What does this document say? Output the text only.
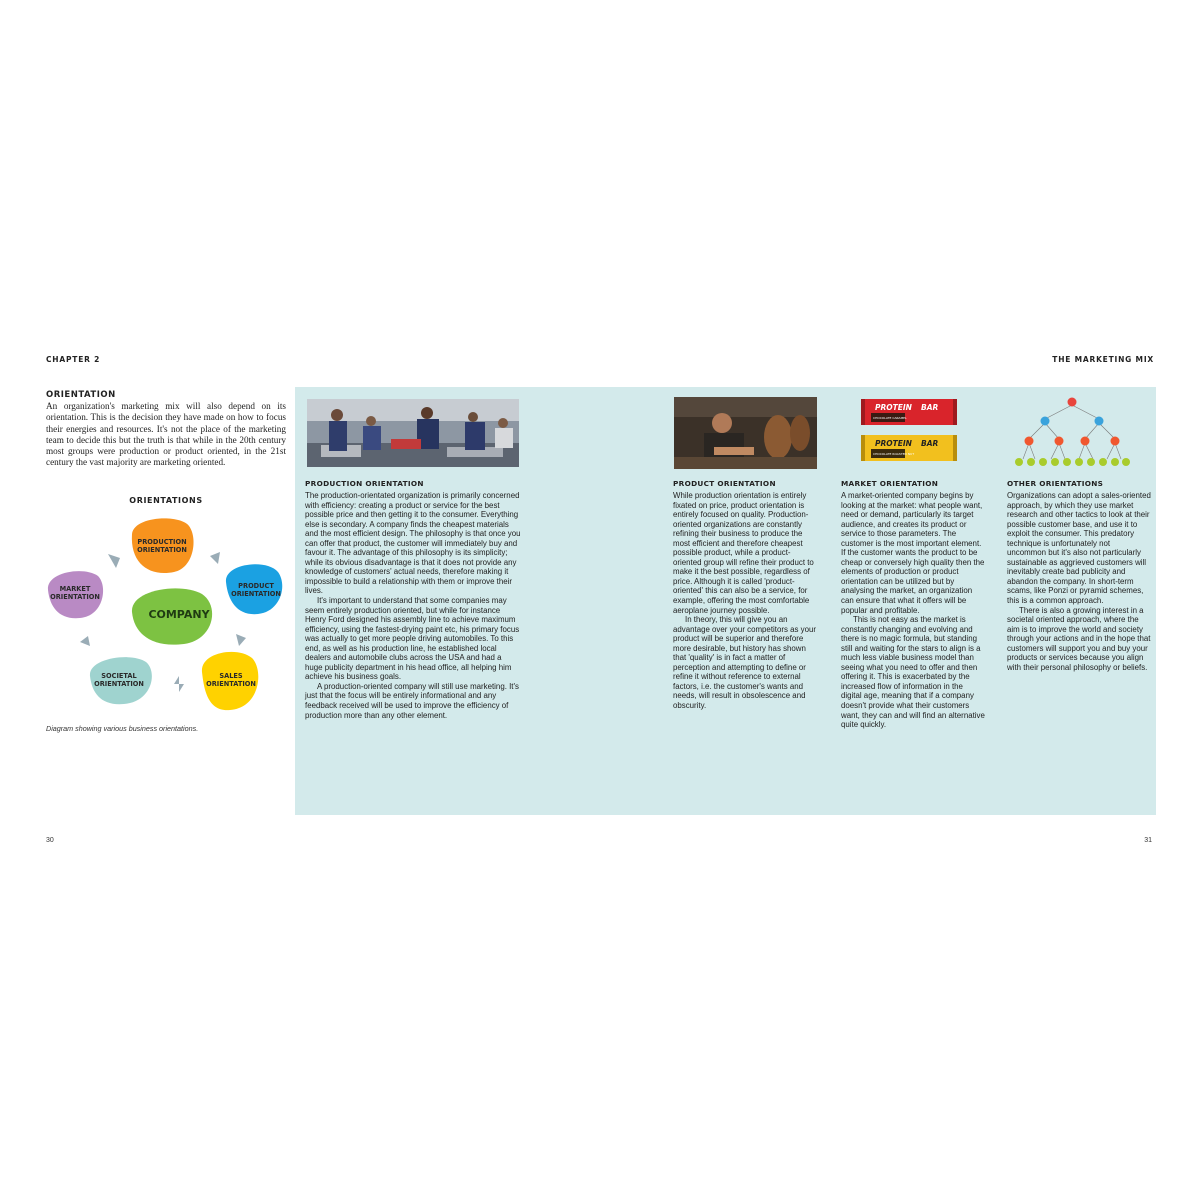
CHAPTER 2	THE MARKETING MIX
ORIENTATION
An organization's marketing mix will also depend on its orientation. This is the decision they have made on how to focus their energies and resources. It's not the place of the marketing team to decide this but the truth is that while in the 20th century most groups were production or product oriented, in the 21st century the vast majority are marketing oriented.
ORIENTATIONS
PRODUCTION ORIENTATION
PRODUCT ORIENTATION
SALES ORIENTATION
SOCIETAL ORIENTATION
MARKET ORIENTATION
COMPANY
Diagram showing various business orientations.
PROTEIN BAR
CHOCOLATE CARAMEL
PROTEIN BAR
CHOCOLATE ROASTED NUT
PRODUCTION ORIENTATION

The production-orientated organization is primarily concerned with efficiency: creating a product or service for the best possible price and then getting it to the consumer. Everything else is secondary. A company finds the cheapest materials and the most efficient design. The philosophy is that once you can offer that product, the customer will immediately buy and favour it. The advantage of this philosophy is its simplicity; while its obvious disadvantage is that it does not provide any knowledge of customers' actual needs, therefore making it impossible to build a relationship with them or improve their lives.

It's important to understand that some companies may seem entirely production oriented, but while for instance Henry Ford designed his assembly line to achieve maximum efficiency, using the fastest-drying paint etc, his primary focus was actually to get more people driving automobiles. To this end, as well as his production line, he established local dealers and automobile clubs across the USA and had a huge publicity department in his head office, all helping him achieve his business goals.

A production-oriented company will still use marketing. It's just that the focus will be entirely informational and any feedback received will be used to improve the efficiency of production more than any other element.

PRODUCT ORIENTATION

While production orientation is entirely fixated on price, product orientation is entirely focused on quality. Production-oriented organizations are constantly refining their business to produce the most efficient and therefore cheapest possible product, while a product-oriented group will refine their product to make it the best possible, regardless of price. Although it is called 'product-oriented' this can also be a service, for example, offering the most comfortable aeroplane journey possible.

In theory, this will give you an advantage over your competitors as your product will be superior and therefore more desirable, but history has shown that 'quality' is in fact a matter of perception and attempting to define or refine it without reference to external factors, i.e. the customer's wants and needs, will result in obsolescence and obscurity.

MARKET ORIENTATION

A market-oriented company begins by looking at the market: what people want, need or demand, particularly its target audience, and creates its product or service to those parameters. The customer is the most important element. If the customer wants the product to be cheap or conversely high quality then the elements of production or product orientation can be utilized but by analysing the market, an organization can ensure that what it offers will be popular and profitable.

This is not easy as the market is constantly changing and evolving and there is no magic formula, but standing still and waiting for the stars to align is a much less viable business model than seeing what you need to offer and then offering it. This is exacerbated by the increased flow of information in the digital age, meaning that if a company doesn't provide what their customers want, they can and will find an alternative quite quickly.

OTHER ORIENTATIONS

Organizations can adopt a sales-oriented approach, by which they use market research and other tactics to look at their possible customer base, and use it to exploit the consumer. This predatory technique is unfortunately not uncommon but it's also not particularly sustainable as aggrieved customers will inevitably create bad publicity and abandon the company. In short-term scams, like Ponzi or pyramid schemes, this is a common approach.

There is also a growing interest in a societal oriented approach, where the aim is to improve the world and society through your actions and in the hope that customers will support you and buy your products or services because you align with their personal philosophy or beliefs.

30	31
